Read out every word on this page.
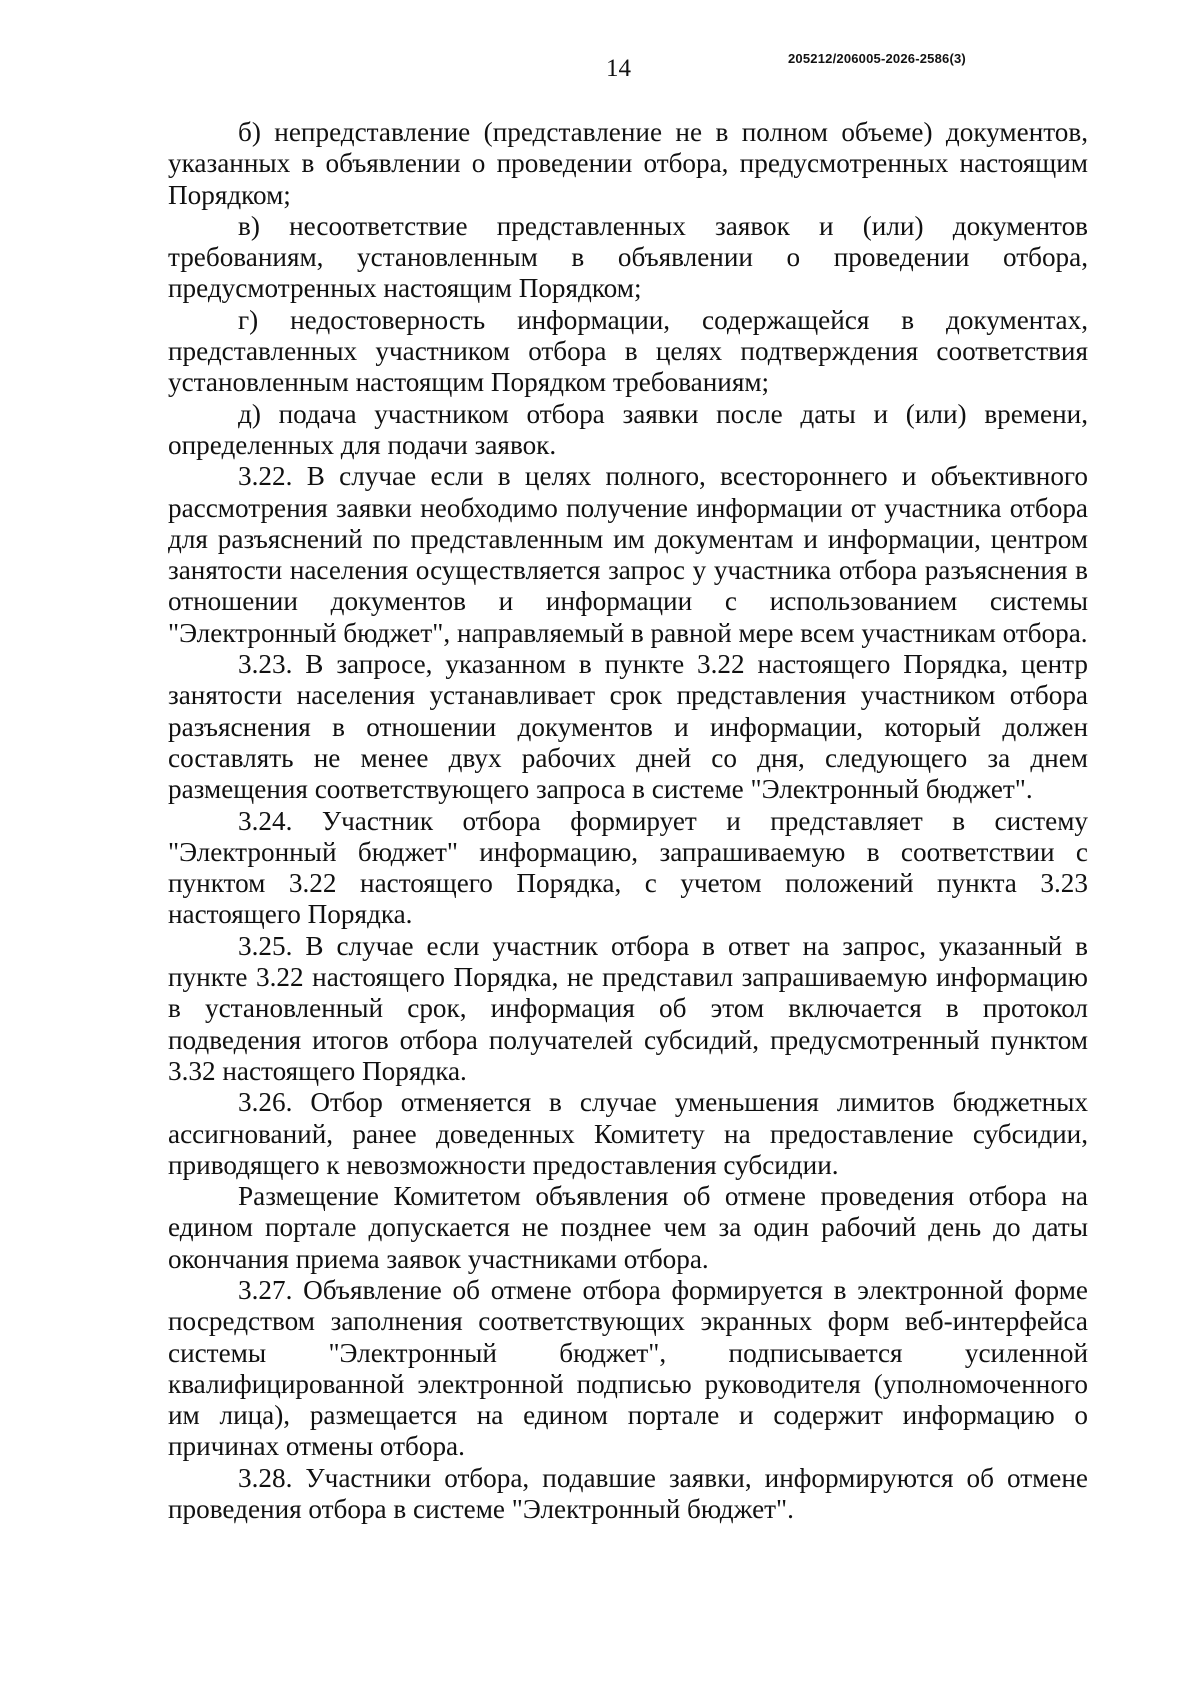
14	205212/206005-2026-2586(3)

б) непредставление (представление не в полном объеме) документов, указанных в объявлении о проведении отбора, предусмотренных настоящим Порядком;

в) несоответствие представленных заявок и (или) документов требованиям, установленным в объявлении о проведении отбора, предусмотренных настоящим Порядком;

г) недостоверность информации, содержащейся в документах, представленных участником отбора в целях подтверждения соответствия установленным настоящим Порядком требованиям;

д) подача участником отбора заявки после даты и (или) времени, определенных для подачи заявок.

3.22. В случае если в целях полного, всестороннего и объективного рассмотрения заявки необходимо получение информации от участника отбора для разъяснений по представленным им документам и информации, центром занятости населения осуществляется запрос у участника отбора разъяснения в отношении документов и информации с использованием системы "Электронный бюджет", направляемый в равной мере всем участникам отбора.

3.23. В запросе, указанном в пункте 3.22 настоящего Порядка, центр занятости населения устанавливает срок представления участником отбора разъяснения в отношении документов и информации, который должен составлять не менее двух рабочих дней со дня, следующего за днем размещения соответствующего запроса в системе "Электронный бюджет".

3.24. Участник отбора формирует и представляет в систему "Электронный бюджет" информацию, запрашиваемую в соответствии с пунктом 3.22 настоящего Порядка, с учетом положений пункта 3.23 настоящего Порядка.

3.25. В случае если участник отбора в ответ на запрос, указанный в пункте 3.22 настоящего Порядка, не представил запрашиваемую информацию в установленный срок, информация об этом включается в протокол подведения итогов отбора получателей субсидий, предусмотренный пунктом 3.32 настоящего Порядка.

3.26. Отбор отменяется в случае уменьшения лимитов бюджетных ассигнований, ранее доведенных Комитету на предоставление субсидии, приводящего к невозможности предоставления субсидии.

Размещение Комитетом объявления об отмене проведения отбора на едином портале допускается не позднее чем за один рабочий день до даты окончания приема заявок участниками отбора.

3.27. Объявление об отмене отбора формируется в электронной форме посредством заполнения соответствующих экранных форм веб-интерфейса системы "Электронный бюджет", подписывается усиленной квалифицированной электронной подписью руководителя (уполномоченного им лица), размещается на едином портале и содержит информацию о причинах отмены отбора.

3.28. Участники отбора, подавшие заявки, информируются об отмене проведения отбора в системе "Электронный бюджет".
